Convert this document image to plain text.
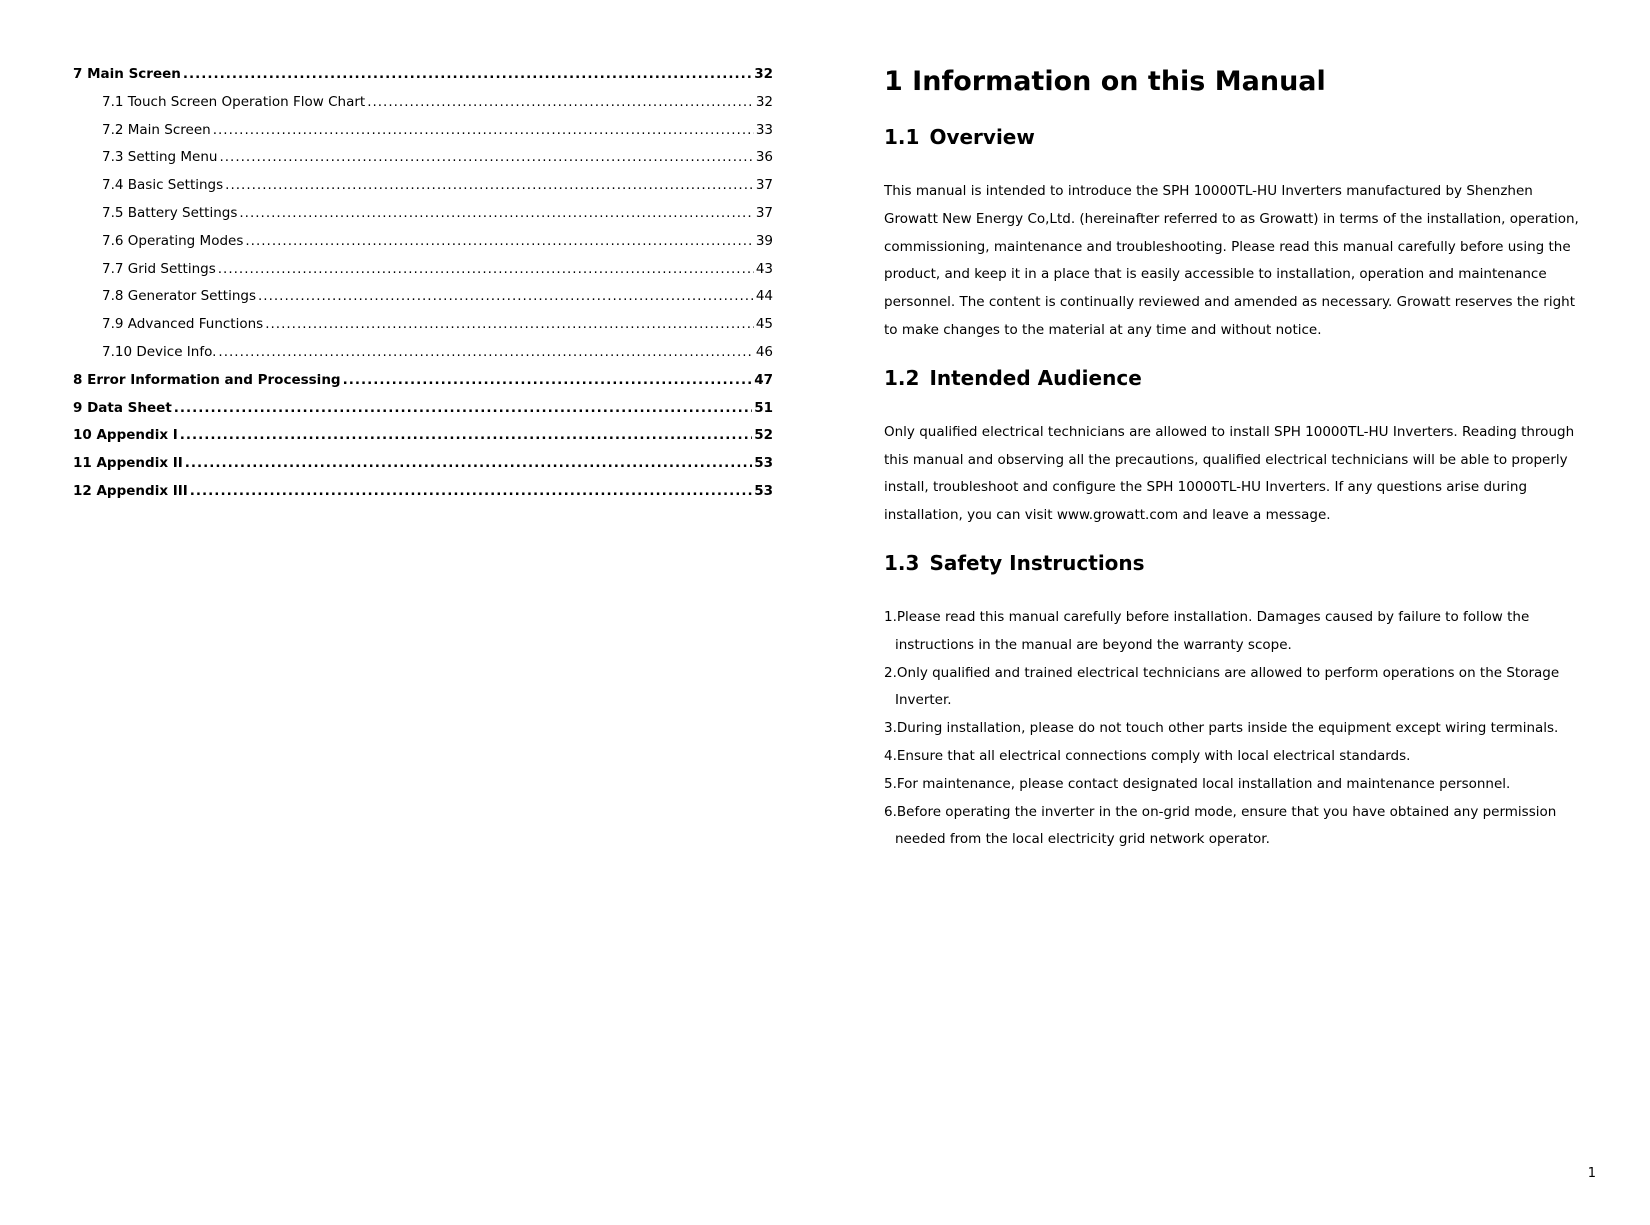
7 Main Screen .....	32
7.1 Touch Screen Operation Flow Chart .....	32
7.2 Main Screen .....	33
7.3 Setting Menu .....	36
7.4 Basic Settings .....	37
7.5 Battery Settings .....	37
7.6 Operating Modes .....	39
7.7 Grid Settings .....	43
7.8 Generator Settings .....	44
7.9 Advanced Functions .....	45
7.10 Device Info. .....	46
8 Error Information and Processing .....	47
9 Data Sheet .....	51
10 Appendix I .....	52
11 Appendix II .....	53
12 Appendix III .....	53
1 Information on this Manual
1.1 Overview

This manual is intended to introduce the SPH 10000TL-HU Inverters manufactured by Shenzhen Growatt New Energy Co,Ltd. (hereinafter referred to as Growatt) in terms of the installation, operation, commissioning, maintenance and troubleshooting. Please read this manual carefully before using the product, and keep it in a place that is easily accessible to installation, operation and maintenance personnel. The content is continually reviewed and amended as necessary. Growatt reserves the right to make changes to the material at any time and without notice.

1.2 Intended Audience

Only qualified electrical technicians are allowed to install SPH 10000TL-HU Inverters. Reading through this manual and observing all the precautions, qualified electrical technicians will be able to properly install, troubleshoot and configure the SPH 10000TL-HU Inverters. If any questions arise during installation, you can visit www.growatt.com and leave a message.

1.3 Safety Instructions
1.Please read this manual carefully before installation. Damages caused by failure to follow the instructions in the manual are beyond the warranty scope.
2.Only qualified and trained electrical technicians are allowed to perform operations on the Storage Inverter.
3.During installation, please do not touch other parts inside the equipment except wiring terminals.
4.Ensure that all electrical connections comply with local electrical standards.
5.For maintenance, please contact designated local installation and maintenance personnel.
6.Before operating the inverter in the on-grid mode, ensure that you have obtained any permission needed from the local electricity grid network operator.
1
